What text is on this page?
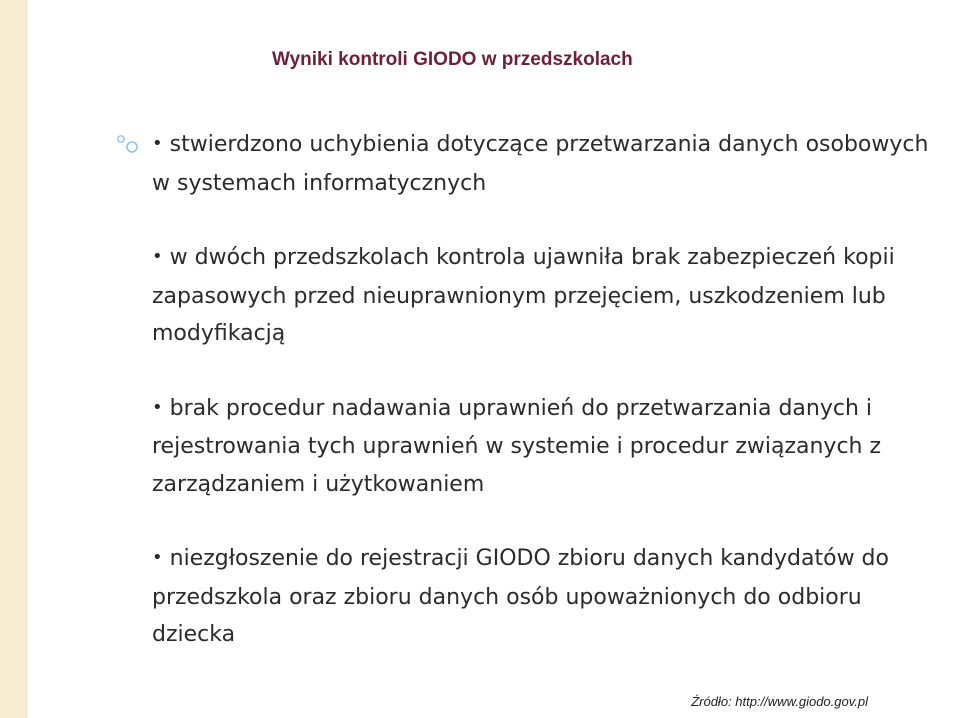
Wyniki kontroli GIODO w przedszkolach
• stwierdzono uchybienia dotyczące przetwarzania danych osobowych w systemach informatycznych
• w dwóch przedszkolach kontrola ujawniła brak zabezpieczeń kopii zapasowych przed nieuprawnionym przejęciem, uszkodzeniem lub modyfikacją
• brak procedur nadawania uprawnień do przetwarzania danych i rejestrowania tych uprawnień w systemie i procedur związanych z zarządzaniem i użytkowaniem
• niezgłoszenie do rejestracji GIODO zbioru danych kandydatów do przedszkola oraz zbioru danych osób upoważnionych do odbioru dziecka
Źródło: http://www.giodo.gov.pl
